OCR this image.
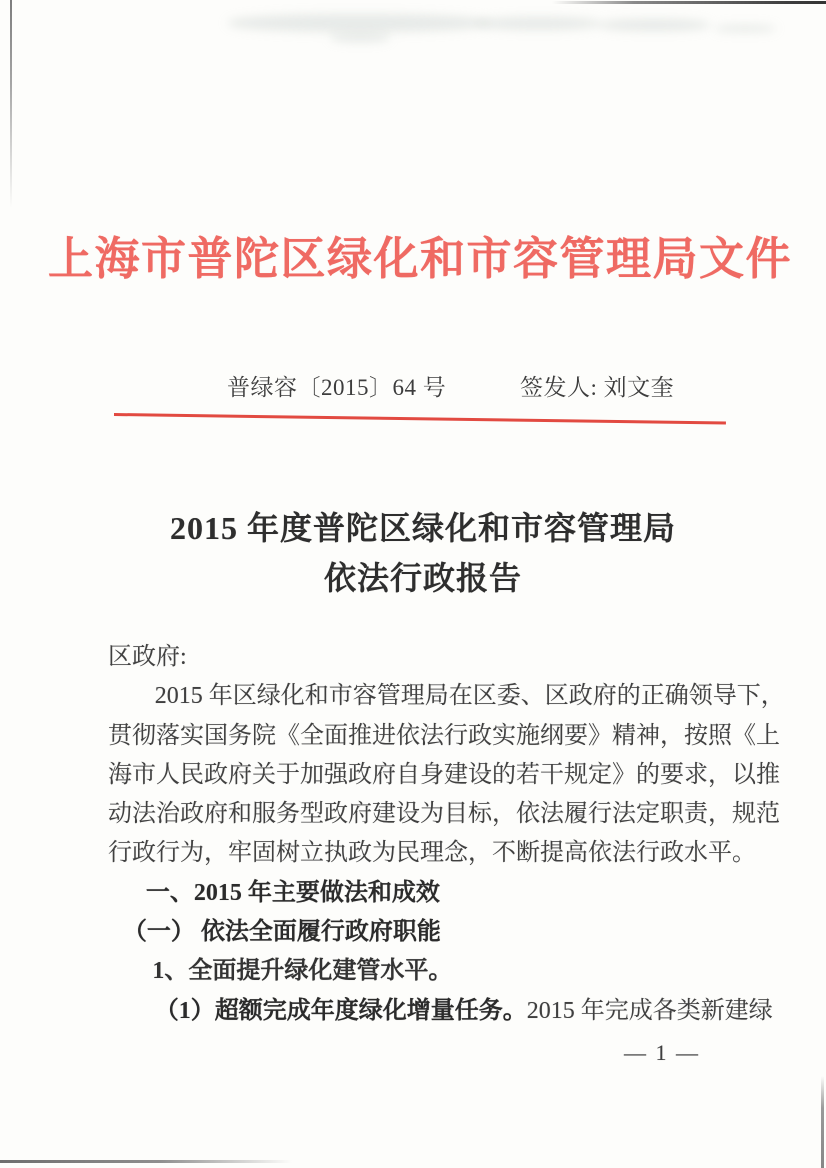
上海市普陀区绿化和市容管理局文件
普绿容〔2015〕64 号	签发人: 刘文奎
2015 年度普陀区绿化和市容管理局
依法行政报告
区政府:
2015 年区绿化和市容管理局在区委、区政府的正确领导下，
贯彻落实国务院《全面推进依法行政实施纲要》精神，按照《上
海市人民政府关于加强政府自身建设的若干规定》的要求，以推
动法治政府和服务型政府建设为目标，依法履行法定职责，规范
行政行为，牢固树立执政为民理念，不断提高依法行政水平。
一、2015 年主要做法和成效
（一） 依法全面履行政府职能
1、全面提升绿化建管水平。
（1）超额完成年度绿化增量任务。2015 年完成各类新建绿
— 1 —
